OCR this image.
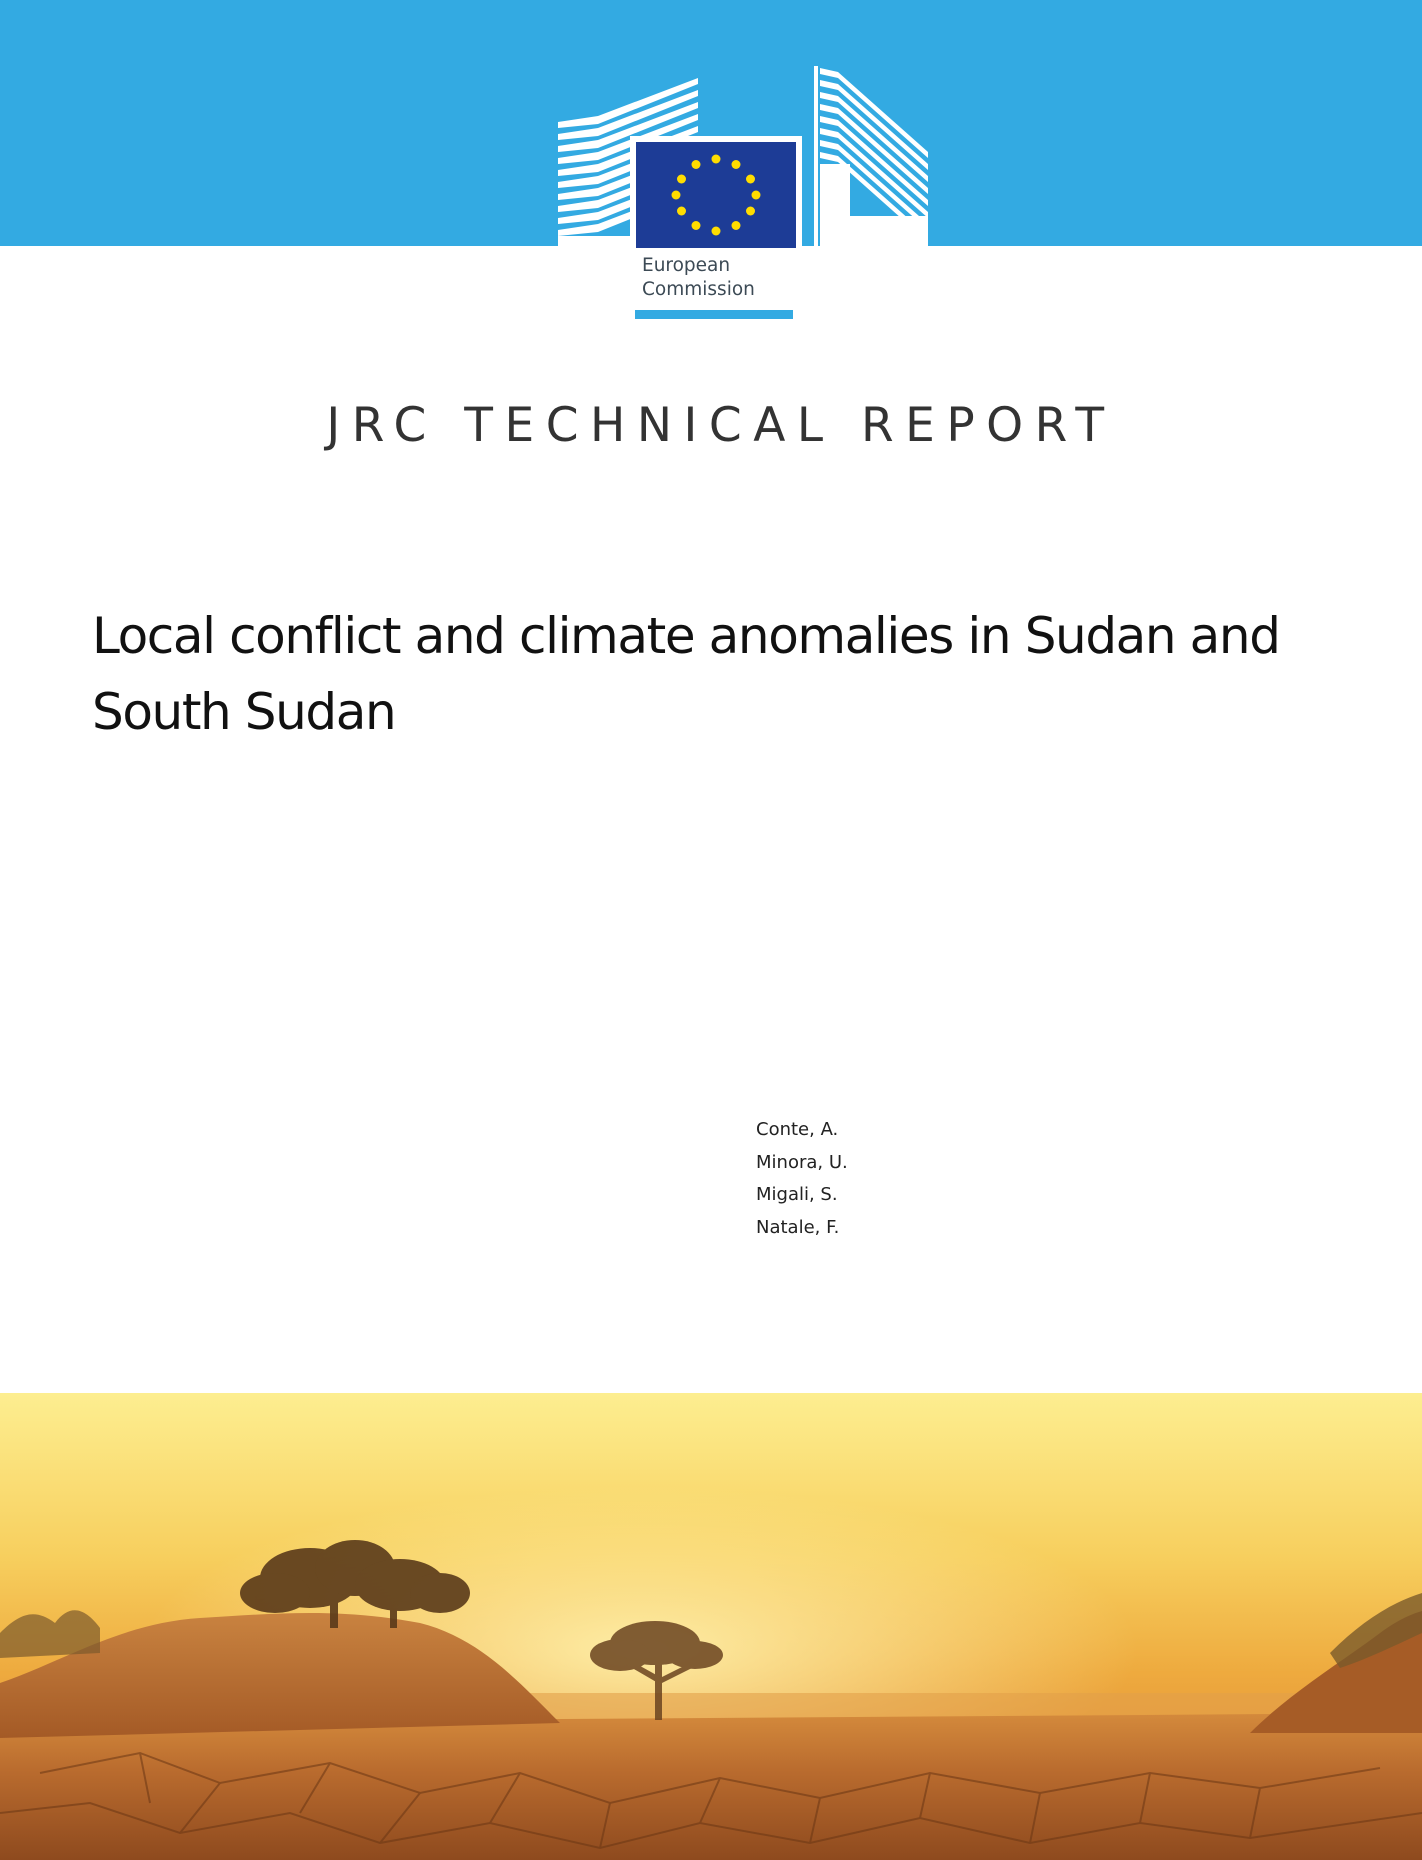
European
Commission
JRC TECHNICAL REPORT
Local conflict and climate anomalies in Sudan and South Sudan
Conte, A.
Minora, U.
Migali, S.
Natale, F.
